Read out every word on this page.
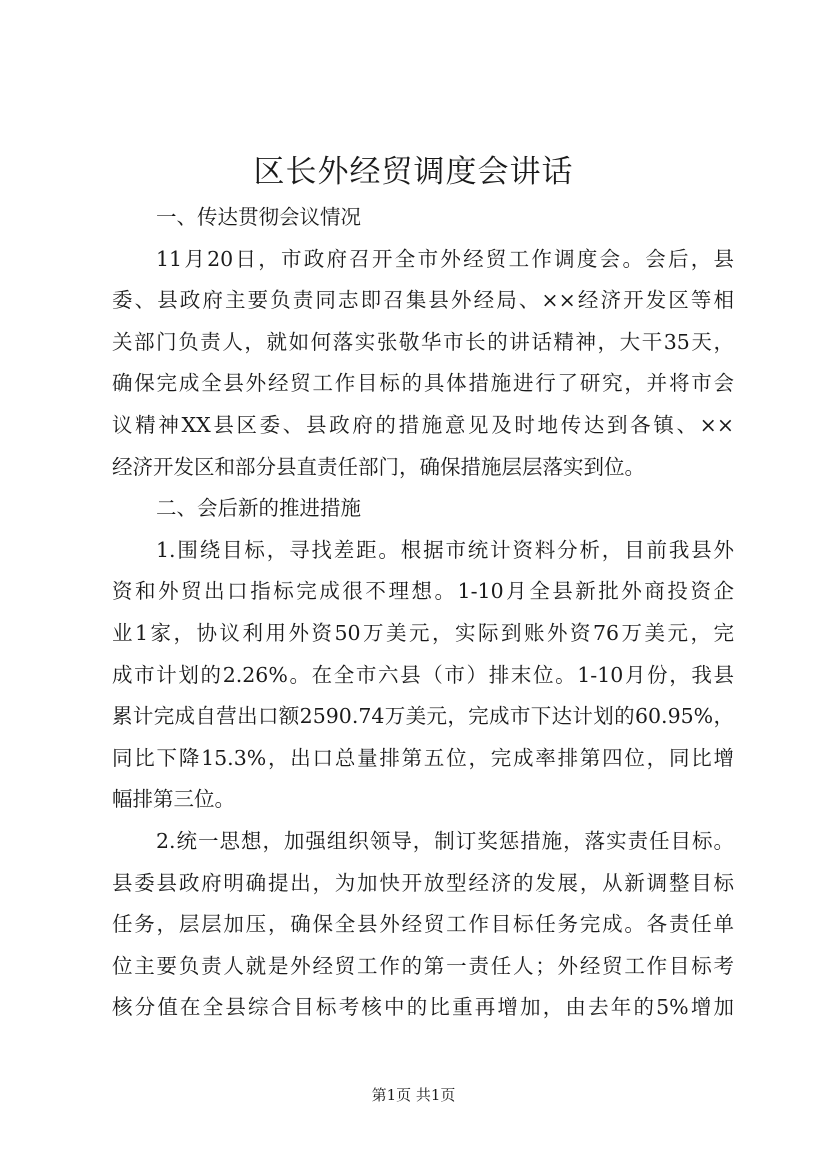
区长外经贸调度会讲话
一、传达贯彻会议情况
11月20日，市政府召开全市外经贸工作调度会。会后，县
委、县政府主要负责同志即召集县外经局、××经济开发区等相
关部门负责人，就如何落实张敬华市长的讲话精神，大干35天，
确保完成全县外经贸工作目标的具体措施进行了研究，并将市会
议精神XX县区委、县政府的措施意见及时地传达到各镇、××
经济开发区和部分县直责任部门，确保措施层层落实到位。
二、会后新的推进措施
1.围绕目标，寻找差距。根据市统计资料分析，目前我县外
资和外贸出口指标完成很不理想。1-10月全县新批外商投资企
业1家，协议利用外资50万美元，实际到账外资76万美元，完
成市计划的2.26%。在全市六县（市）排末位。1-10月份，我县
累计完成自营出口额2590.74万美元，完成市下达计划的60.95%，
同比下降15.3%，出口总量排第五位，完成率排第四位，同比增
幅排第三位。
2.统一思想，加强组织领导，制订奖惩措施，落实责任目标。
县委县政府明确提出，为加快开放型经济的发展，从新调整目标
任务，层层加压，确保全县外经贸工作目标任务完成。各责任单
位主要负责人就是外经贸工作的第一责任人；外经贸工作目标考
核分值在全县综合目标考核中的比重再增加，由去年的5%增加
第1页 共1页
